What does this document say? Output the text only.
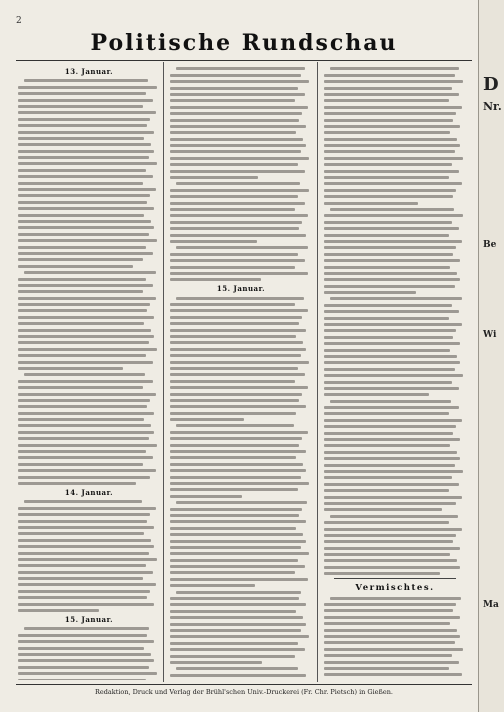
2
Politische Rundschau
13. Januar.
14. Januar.
15. Januar.
15. Januar.
Vermischtes.
Redaktion, Druck und Verlag der Brühl'schen Univ.-Druckerei (Fr. Chr. Pietsch) in Gießen.
D
Nr.
Be
Wi
Ma
